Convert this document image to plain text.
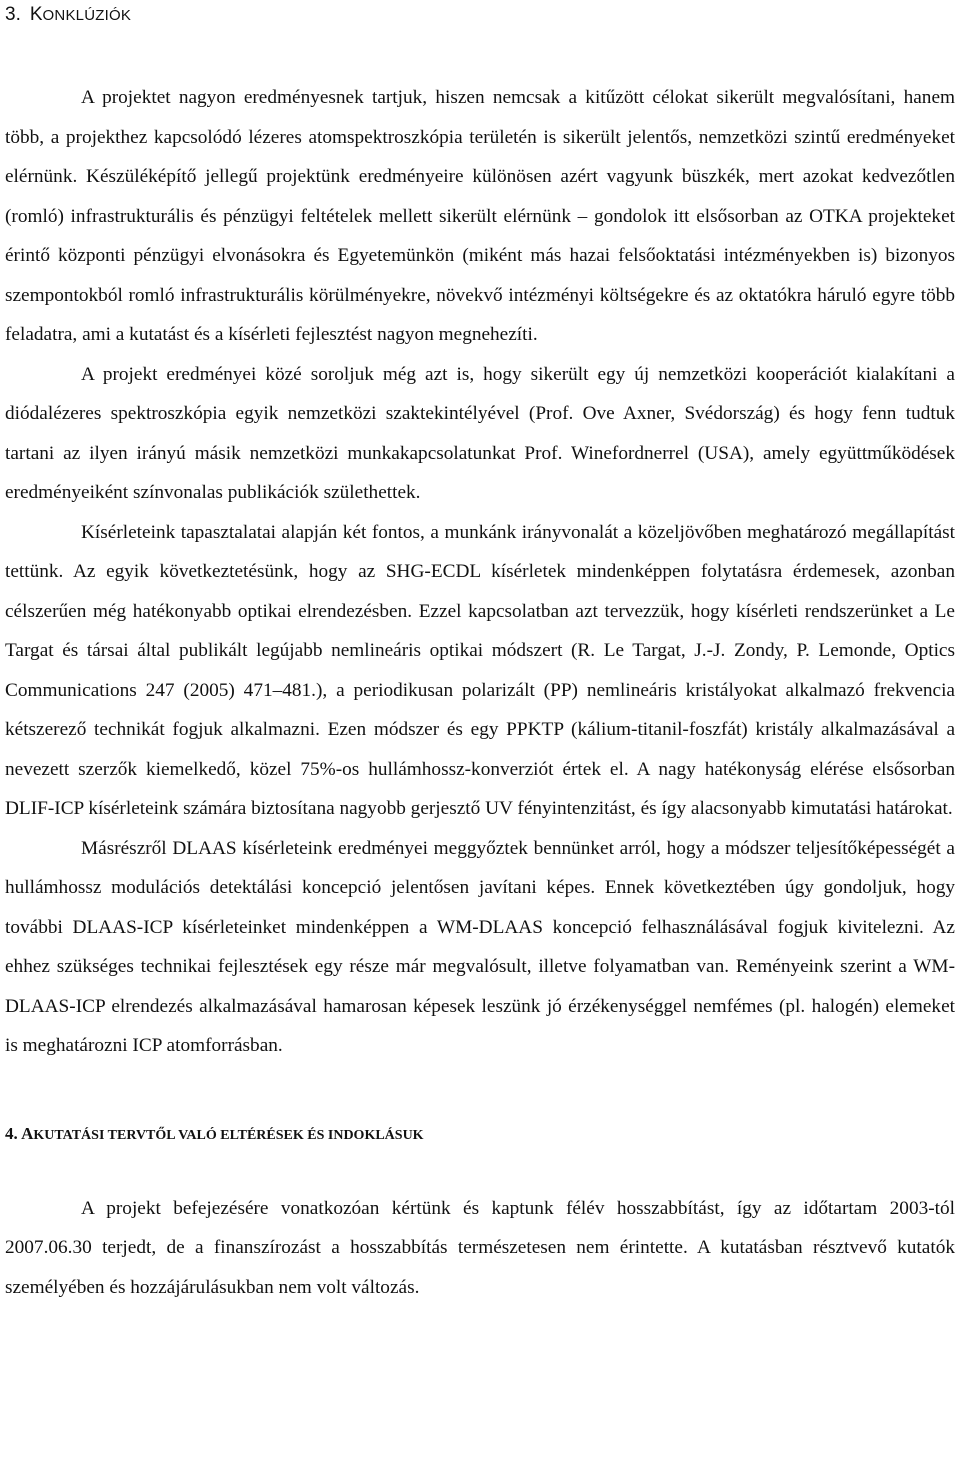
3. KONKLÚZIÓK

A projektet nagyon eredményesnek tartjuk, hiszen nemcsak a kitűzött célokat sikerült megvalósítani, hanem több, a projekthez kapcsolódó lézeres atomspektroszkópia területén is sikerült jelentős, nemzetközi szintű eredményeket elérnünk. Készüléképítő jellegű projektünk eredményeire különösen azért vagyunk büszkék, mert azokat kedvezőtlen (romló) infrastrukturális és pénzügyi feltételek mellett sikerült elérnünk – gondolok itt elsősorban az OTKA projekteket érintő központi pénzügyi elvonásokra és Egyetemünkön (miként más hazai felsőoktatási intézményekben is) bizonyos szempontokból romló infrastrukturális körülményekre, növekvő intézményi költségekre és az oktatókra háruló egyre több feladatra, ami a kutatást és a kísérleti fejlesztést nagyon megnehezíti.

A projekt eredményei közé soroljuk még azt is, hogy sikerült egy új nemzetközi kooperációt kialakítani a diódalézeres spektroszkópia egyik nemzetközi szaktekintélyével (Prof. Ove Axner, Svédország) és hogy fenn tudtuk tartani az ilyen irányú másik nemzetközi munkakapcsolatunkat Prof. Winefordnerrel (USA), amely együttműködések eredményeiként színvonalas publikációk születhettek.

Kísérleteink tapasztalatai alapján két fontos, a munkánk irányvonalát a közeljövőben meghatározó megállapítást tettünk. Az egyik következtetésünk, hogy az SHG-ECDL kísérletek mindenképpen folytatásra érdemesek, azonban célszerűen még hatékonyabb optikai elrendezésben. Ezzel kapcsolatban azt tervezzük, hogy kísérleti rendszerünket a Le Targat és társai által publikált legújabb nemlineáris optikai módszert (R. Le Targat, J.-J. Zondy, P. Lemonde, Optics Communications 247 (2005) 471–481.), a periodikusan polarizált (PP) nemlineáris kristályokat alkalmazó frekvencia kétszerező technikát fogjuk alkalmazni. Ezen módszer és egy PPKTP (kálium-titanil-foszfát) kristály alkalmazásával a nevezett szerzők kiemelkedő, közel 75%-os hullámhossz-konverziót értek el. A nagy hatékonyság elérése elsősorban DLIF-ICP kísérleteink számára biztosítana nagyobb gerjesztő UV fényintenzitást, és így alacsonyabb kimutatási határokat.

Másrészről DLAAS kísérleteink eredményei meggyőztek bennünket arról, hogy a módszer teljesítőképességét a hullámhossz modulációs detektálási koncepció jelentősen javítani képes. Ennek következtében úgy gondoljuk, hogy további DLAAS-ICP kísérleteinket mindenképpen a WM-DLAAS koncepció felhasználásával fogjuk kivitelezni. Az ehhez szükséges technikai fejlesztések egy része már megvalósult, illetve folyamatban van. Reményeink szerint a WM-DLAAS-ICP elrendezés alkalmazásával hamarosan képesek leszünk jó érzékenységgel nemfémes (pl. halogén) elemeket is meghatározni ICP atomforrásban.

4. AKUTATÁSI TERVTŐL VALÓ ELTÉRÉSEK ÉS INDOKLÁSUK

A projekt befejezésére vonatkozóan kértünk és kaptunk félév hosszabbítást, így az időtartam 2003-tól 2007.06.30 terjedt, de a finanszírozást a hosszabbítás természetesen nem érintette. A kutatásban résztvevő kutatók személyében és hozzájárulásukban nem volt változás.
